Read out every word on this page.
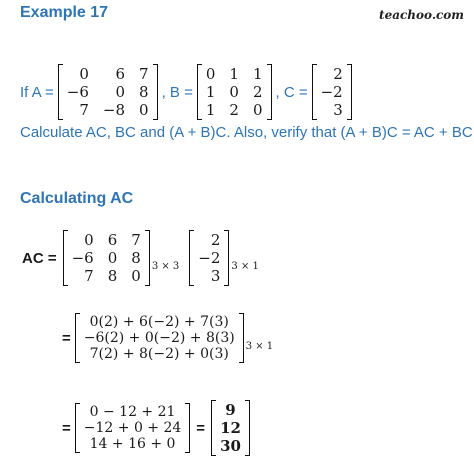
teachoo.com
Example 17
If A =
0	6 7
−6	0 8
7 −8 0
, B =
0 1 1
1 0 2
1 2 0
, C =
2
−2
3
Calculate AC, BC and (A + B)C. Also, verify that (A + B)C = AC + BC
Calculating AC
AC =
0 6 7
−6 0 8
7 8 0
3 × 3
2
−2
3
3 × 1
=
0(2) + 6(−2) + 7(3)
−6(2) + 0(−2) + 8(3)
7(2) + 8(−2) + 0(3)	3 × 1
=
0 − 12 + 21
−12 + 0 + 24
14 + 16 + 0
=
9
12
30
